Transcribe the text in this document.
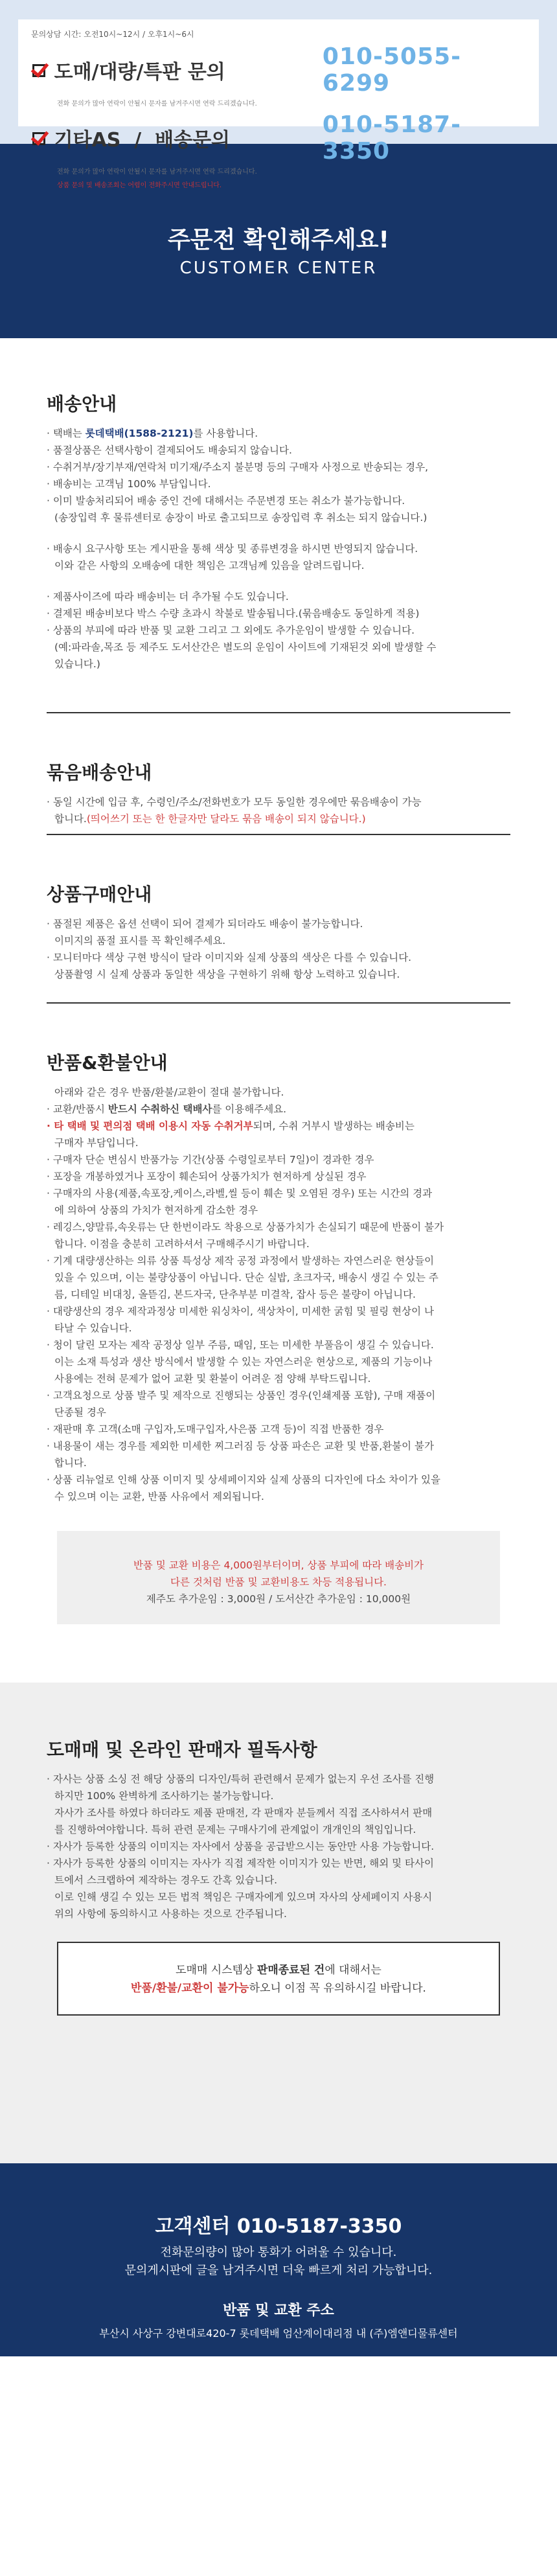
문의상담 시간: 오전10시~12시 / 오후1시~6시
도매/대량/특판 문의
010-5055-6299
전화 문의가 많아 연락이 안될시 문자를 남겨주시면 연락 드리겠습니다.
기타AS  /  배송문의
010-5187-3350
전화 문의가 많아 연락이 안될시 문자를 남겨주시면 연락 드리겠습니다.
상품 문의 및 배송조회는 어렵이 전화주시면 안내드립니다.
주문전 확인해주세요!
CUSTOMER CENTER
배송안내

· 택배는 롯데택배(1588-2121)를 사용합니다.

· 품절상품은 선택사항이 결제되어도 배송되지 않습니다.

· 수취거부/장기부재/연락처 미기재/주소지 불분명 등의 구매자 사정으로 반송되는 경우,

· 배송비는 고객님 100% 부담입니다.

· 이미 발송처리되어 배송 중인 건에 대해서는 주문변경 또는 취소가 불가능합니다.

(송장입력 후 물류센터로 송장이 바로 출고되므로 송장입력 후 취소는 되지 않습니다.)

· 배송시 요구사항 또는 게시판을 통해 색상 및 종류변경을 하시면 반영되지 않습니다.

이와 같은 사항의 오배송에 대한 책임은 고객님께 있음을 알려드립니다.

· 제품사이즈에 따라 배송비는 더 추가될 수도 있습니다.

· 결제된 배송비보다 박스 수량 초과시 착불로 발송됩니다.(묶음배송도 동일하게 적용)

· 상품의 부피에 따라 반품 및 교환 그리고 그 외에도 추가운임이 발생할 수 있습니다.

(예:파라솔,목조 등 제주도 도서산간은 별도의 운임이 사이트에 기재된것 외에 발생할 수

있습니다.)

묶음배송안내

· 동일 시간에 입금 후, 수령인/주소/전화번호가 모두 동일한 경우에만 묶음배송이 가능

합니다.(띄어쓰기 또는 한 한글자만 달라도 묶음 배송이 되지 않습니다.)

상품구매안내

· 품절된 제품은 옵션 선택이 되어 결제가 되더라도 배송이 불가능합니다.

이미지의 품절 표시를 꼭 확인해주세요.

· 모니터마다 색상 구현 방식이 달라 이미지와 실제 상품의 색상은 다를 수 있습니다.

상품촬영 시 실제 상품과 동일한 색상을 구현하기 위해 항상 노력하고 있습니다.

반품&환불안내

아래와 같은 경우 반품/환불/교환이 절대 불가합니다.

· 교환/반품시 반드시 수취하신 택배사를 이용해주세요.

· 타 택배 및 편의점 택배 이용시 자동 수취거부되며, 수취 거부시 발생하는 배송비는

구매자 부담입니다.

· 구매자 단순 변심시 반품가능 기간(상품 수령일로부터 7일)이 경과한 경우

· 포장을 개봉하였거나 포장이 훼손되어 상품가치가 현저하게 상실된 경우

· 구매자의 사용(제품,속포장,케이스,라벨,씰 등이 훼손 및 오염된 경우) 또는 시간의 경과

에 의하여 상품의 가치가 현저하게 감소한 경우

· 레깅스,양말류,속옷류는 단 한번이라도 착용으로 상품가치가 손실되기 때문에 반품이 불가

합니다. 이점을 충분히 고려하셔서 구매해주시기 바랍니다.

· 기계 대량생산하는 의류 상품 특성상 제작 공정 과정에서 발생하는 자연스러운 현상들이

있을 수 있으며, 이는 불량상품이 아닙니다. 단순 실밥, 초크자국, 배송시 생길 수 있는 주

름, 디테일 비대칭, 올뜯김, 본드자국, 단추부분 미결착, 잡사 등은 불량이 아닙니다.

· 대량생산의 경우 제작과정상 미세한 워싱차이, 색상차이, 미세한 굵힘 및 필링 현상이 나

타날 수 있습니다.

· 청이 달린 모자는 제작 공정상 일부 주름, 때임, 또는 미세한 부풀음이 생길 수 있습니다.

이는 소재 특성과 생산 방식에서 발생할 수 있는 자연스러운 현상으로, 제품의 기능이나

사용에는 전혀 문제가 없어 교환 및 환불이 어려운 점 양해 부탁드립니다.

· 고객요청으로 상품 발주 및 제작으로 진행되는 상품인 경우(인쇄제품 포함), 구매 재품이

단종될 경우

· 재판매 후 고객(소매 구입자,도매구입자,사은품 고객 등)이 직접 반품한 경우

· 내용물이 새는 경우를 제외한 미세한 찌그러짐 등 상품 파손은 교환 및 반품,환불이 불가

합니다.

· 상품 리뉴얼로 인해 상품 이미지 및 상세페이지와 실제 상품의 디자인에 다소 차이가 있을

수 있으며 이는 교환, 반품 사유에서 제외됩니다.

반품 및 교환 비용은 4,000원부터이며, 상품 부피에 따라 배송비가
다른 것처럼 반품 및 교환비용도 차등 적용됩니다.
제주도 추가운임 : 3,000원 / 도서산간 추가운임 : 10,000원
도매매 및 온라인 판매자 필독사항

· 자사는 상품 소싱 전 해당 상품의 디자인/특허 관련해서 문제가 없는지 우선 조사를 진행

하지만 100% 완벽하게 조사하기는 불가능합니다.

자사가 조사를 하였다 하더라도 제품 판매전, 각 판매자 분들께서 직접 조사하셔서 판매

를 진행하여야합니다. 특허 관련 문제는 구매사기에 관계없이 개개인의 책임입니다.

· 자사가 등록한 상품의 이미지는 자사에서 상품을 공급받으시는 동안만 사용 가능합니다.

· 자사가 등록한 상품의 이미지는 자사가 직접 제작한 이미지가 있는 반면, 해외 및 타사이

트에서 스크랩하여 제작하는 경우도 간혹 있습니다.

이로 인해 생길 수 있는 모든 법적 책임은 구매자에게 있으며 자사의 상세페이지 사용시

위의 사항에 동의하시고 사용하는 것으로 간주됩니다.

도매매 시스템상 판매종료된 건에 대해서는
반품/환불/교환이 불가능하오니 이점 꼭 유의하시길 바랍니다.
고객센터 010-5187-3350

전화문의량이 많아 통화가 어려울 수 있습니다.

문의게시판에 글을 남겨주시면 더욱 빠르게 처리 가능합니다.

반품 및 교환 주소

부산시 사상구 강변대로420-7 롯데택배 엄산계이대리점 내 (주)엠앤디물류센터
